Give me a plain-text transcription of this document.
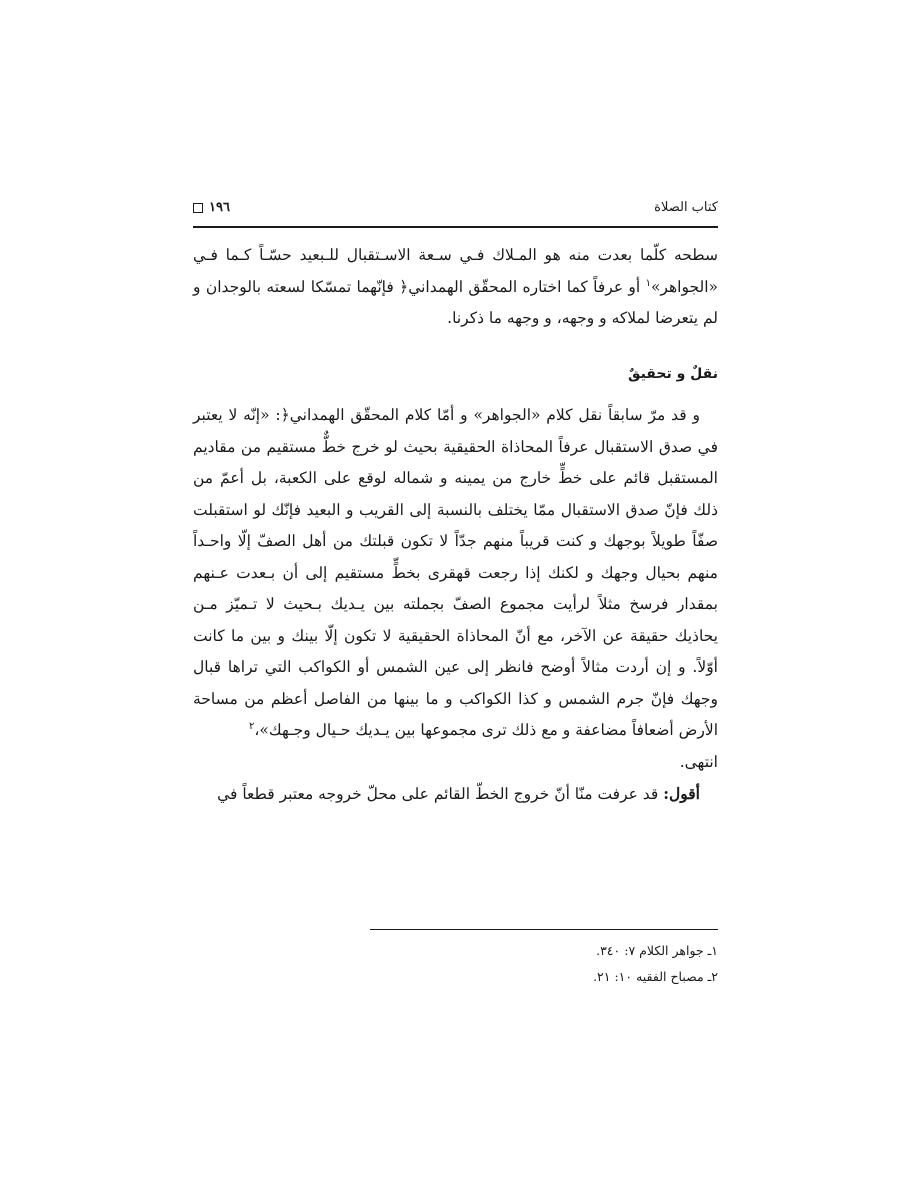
كتاب الصلاة
١٩٦

سطحه كلّما بعدت منه هو المـلاك فـي سـعة الاسـتقبال للـبعيد حسّـاً كـما فـي «الجواهر»$^١$ أو عرفاً كما اختاره المحقّق الهمداني﴿ فإنّهما تمسّكا لسعته بالوجدان و لم يتعرضا لملاكه و وجهه، و وجهه ما ذكرنا.

نقلٌ و تحقيقٌ

و قد مرّ سابقاً نقل كلام «الجواهر» و أمّا كلام المحقّق الهمداني﴿: «إنّه لا يعتبر في صدق الاستقبال عرفاً المحاذاة الحقيقية بحيث لو خرج خطٌّ مستقيم من مقاديم المستقبل قائم على خطٍّ خارج من يمينه و شماله لوقع على الكعبة، بل أعمّ من ذلك فإنّ صدق الاستقبال ممّا يختلف بالنسبة إلى القريب و البعيد فإنّك لو استقبلت صفّاً طويلاً بوجهك و كنت قريباً منهم جدّاً لا تكون قبلتك من أهل الصفّ إلّا واحـداً منهم بحيال وجهك و لكنك إذا رجعت قهقرى بخطٍّ مستقيم إلى أن بـعدت عـنهم بمقدار فرسخ مثلاً لرأيت مجموع الصفّ بجملته بين يـديك بـحيث لا تـميّز مـن يحاذيك حقيقة عن الآخر، مع أنّ المحاذاة الحقيقية لا تكون إلّا بينك و بين ما كانت أوّلاً. و إن أردت مثالاً أوضح فانظر إلى عين الشمس أو الكواكب التي تراها قبال وجهك فإنّ جرم الشمس و كذا الكواكب و ما بينها من الفاصل أعظم من مساحة الأرض أضعافاً مضاعفة و مع ذلك ترى مجموعها بين يـديك حـيال وجـهك»،$^٢$

انتهى.

أقول: قد عرفت منّا أنّ خروج الخطّ القائم على محلّ خروجه معتبر قطعاً في

١ـ جواهر الكلام ٧: ٣٤٠.

٢ـ مصباح الفقيه ١٠: ٢١.
